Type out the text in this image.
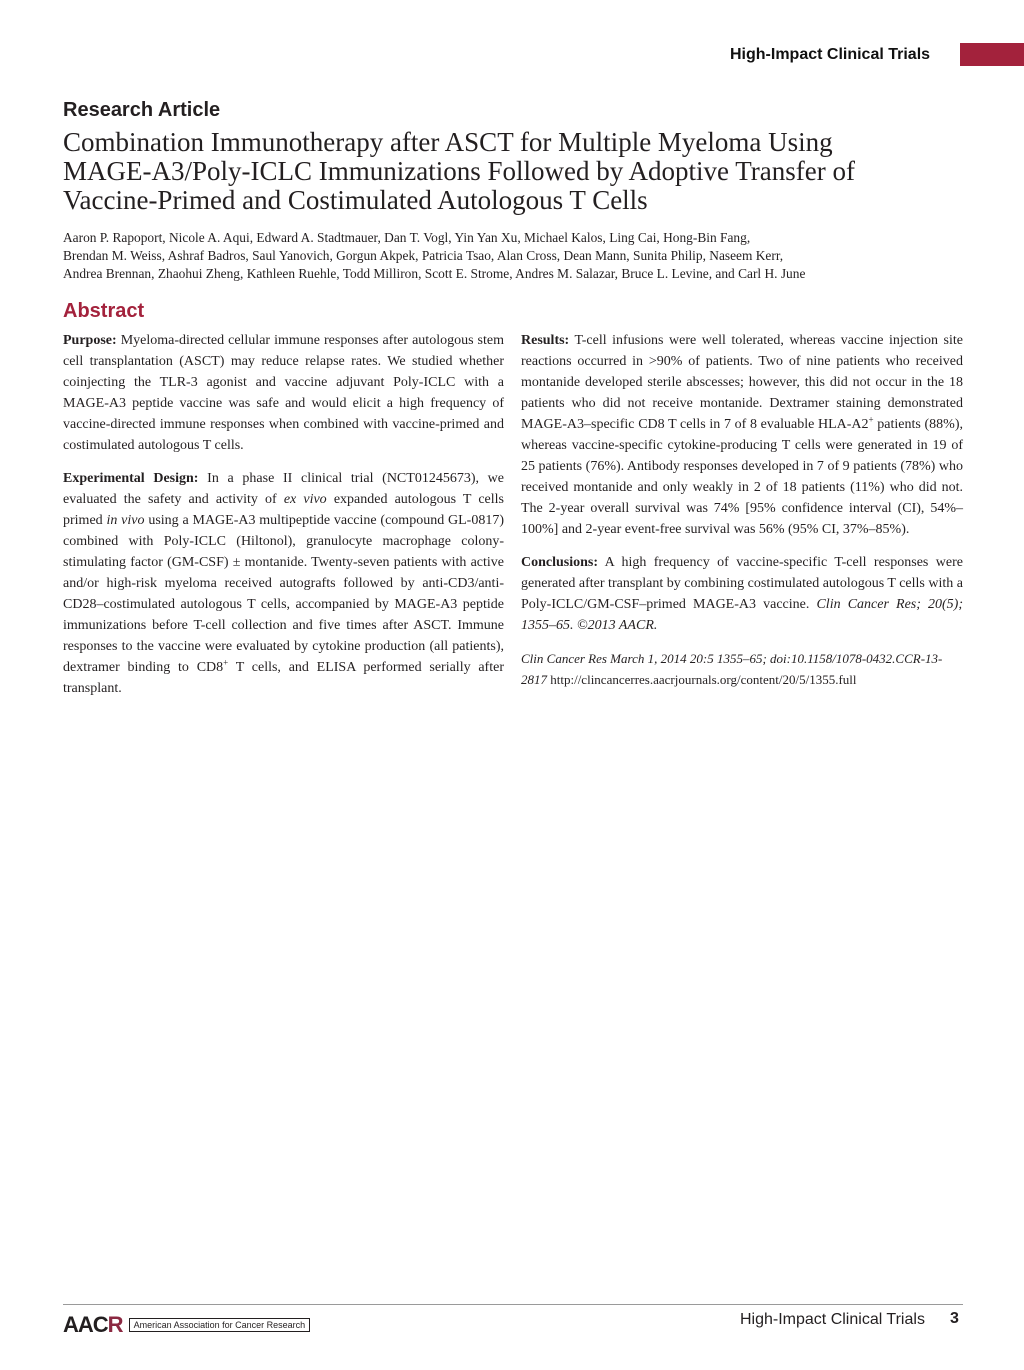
High-Impact Clinical Trials
Research Article
Combination Immunotherapy after ASCT for Multiple Myeloma Using
MAGE-A3/Poly-ICLC Immunizations Followed by Adoptive Transfer of
Vaccine-Primed and Costimulated Autologous T Cells
Aaron P. Rapoport, Nicole A. Aqui, Edward A. Stadtmauer, Dan T. Vogl, Yin Yan Xu, Michael Kalos, Ling Cai, Hong-Bin Fang,
Brendan M. Weiss, Ashraf Badros, Saul Yanovich, Gorgun Akpek, Patricia Tsao, Alan Cross, Dean Mann, Sunita Philip, Naseem Kerr,
Andrea Brennan, Zhaohui Zheng, Kathleen Ruehle, Todd Milliron, Scott E. Strome, Andres M. Salazar, Bruce L. Levine, and Carl H. June
Abstract

Purpose: Myeloma-directed cellular immune responses after autologous stem cell transplantation (ASCT) may reduce relapse rates. We studied whether coinjecting the TLR-3 agonist and vaccine adjuvant Poly-ICLC with a MAGE-A3 peptide vaccine was safe and would elicit a high frequency of vaccine-directed immune responses when combined with vaccine-primed and costimulated autologous T cells.

Experimental Design: In a phase II clinical trial (NCT01245673), we evaluated the safety and activity of ex vivo expanded autologous T cells primed in vivo using a MAGE-A3 multipeptide vaccine (compound GL-0817) combined with Poly-ICLC (Hiltonol), granulocyte macrophage colony-stimulating factor (GM-CSF) ± montanide. Twenty-seven patients with active and/or high-risk myeloma received autografts followed by anti-CD3/anti-CD28–costimulated autologous T cells, accompanied by MAGE-A3 peptide immunizations before T-cell collection and five times after ASCT. Immune responses to the vaccine were evaluated by cytokine production (all patients), dextramer binding to CD8+ T cells, and ELISA performed serially after transplant.

Results: T-cell infusions were well tolerated, whereas vaccine injection site reactions occurred in >90% of patients. Two of nine patients who received montanide developed sterile abscesses; however, this did not occur in the 18 patients who did not receive montanide. Dextramer staining demonstrated MAGE-A3–specific CD8 T cells in 7 of 8 evaluable HLA-A2+ patients (88%), whereas vaccine-specific cytokine-producing T cells were generated in 19 of 25 patients (76%). Antibody responses developed in 7 of 9 patients (78%) who received montanide and only weakly in 2 of 18 patients (11%) who did not. The 2-year overall survival was 74% [95% confidence interval (CI), 54%–100%] and 2-year event-free survival was 56% (95% CI, 37%–85%).

Conclusions: A high frequency of vaccine-specific T-cell responses were generated after transplant by combining costimulated autologous T cells with a Poly-ICLC/GM-CSF–primed MAGE-A3 vaccine. Clin Cancer Res; 20(5); 1355–65. ©2013 AACR.

Clin Cancer Res March 1, 2014 20:5 1355–65; doi:10.1158/1078-0432.CCR-13-2817 http://clincancerres.aacrjournals.org/content/20/5/1355.full

AACR	American Association for Cancer Research	High-Impact Clinical Trials 3
